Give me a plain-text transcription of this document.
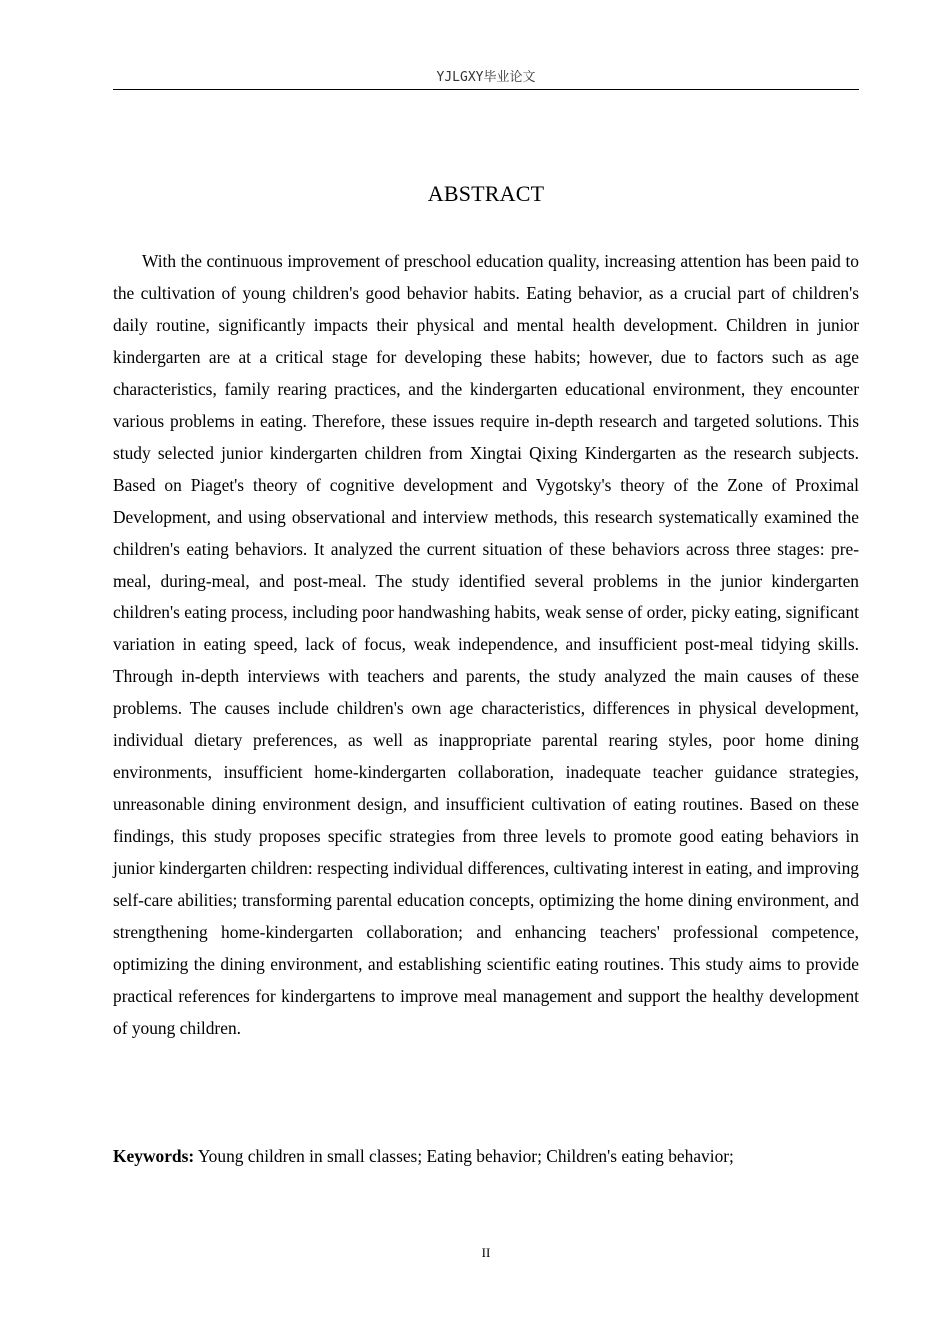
YJLGXY毕业论文
ABSTRACT

With the continuous improvement of preschool education quality, increasing attention has been paid to the cultivation of young children's good behavior habits. Eating behavior, as a crucial part of children's daily routine, significantly impacts their physical and mental health development. Children in junior kindergarten are at a critical stage for developing these habits; however, due to factors such as age characteristics, family rearing practices, and the kindergarten educational environment, they encounter various problems in eating. Therefore, these issues require in-depth research and targeted solutions. This study selected junior kindergarten children from Xingtai Qixing Kindergarten as the research subjects. Based on Piaget's theory of cognitive development and Vygotsky's theory of the Zone of Proximal Development, and using observational and interview methods, this research systematically examined the children's eating behaviors. It analyzed the current situation of these behaviors across three stages: pre-meal, during-meal, and post-meal. The study identified several problems in the junior kindergarten children's eating process, including poor handwashing habits, weak sense of order, picky eating, significant variation in eating speed, lack of focus, weak independence, and insufficient post-meal tidying skills. Through in-depth interviews with teachers and parents, the study analyzed the main causes of these problems. The causes include children's own age characteristics, differences in physical development, individual dietary preferences, as well as inappropriate parental rearing styles, poor home dining environments, insufficient home-kindergarten collaboration, inadequate teacher guidance strategies, unreasonable dining environment design, and insufficient cultivation of eating routines. Based on these findings, this study proposes specific strategies from three levels to promote good eating behaviors in junior kindergarten children: respecting individual differences, cultivating interest in eating, and improving self-care abilities; transforming parental education concepts, optimizing the home dining environment, and strengthening home-kindergarten collaboration; and enhancing teachers' professional competence, optimizing the dining environment, and establishing scientific eating routines. This study aims to provide practical references for kindergartens to improve meal management and support the healthy development of young children.

Keywords: Young children in small classes; Eating behavior; Children's eating behavior;

II
